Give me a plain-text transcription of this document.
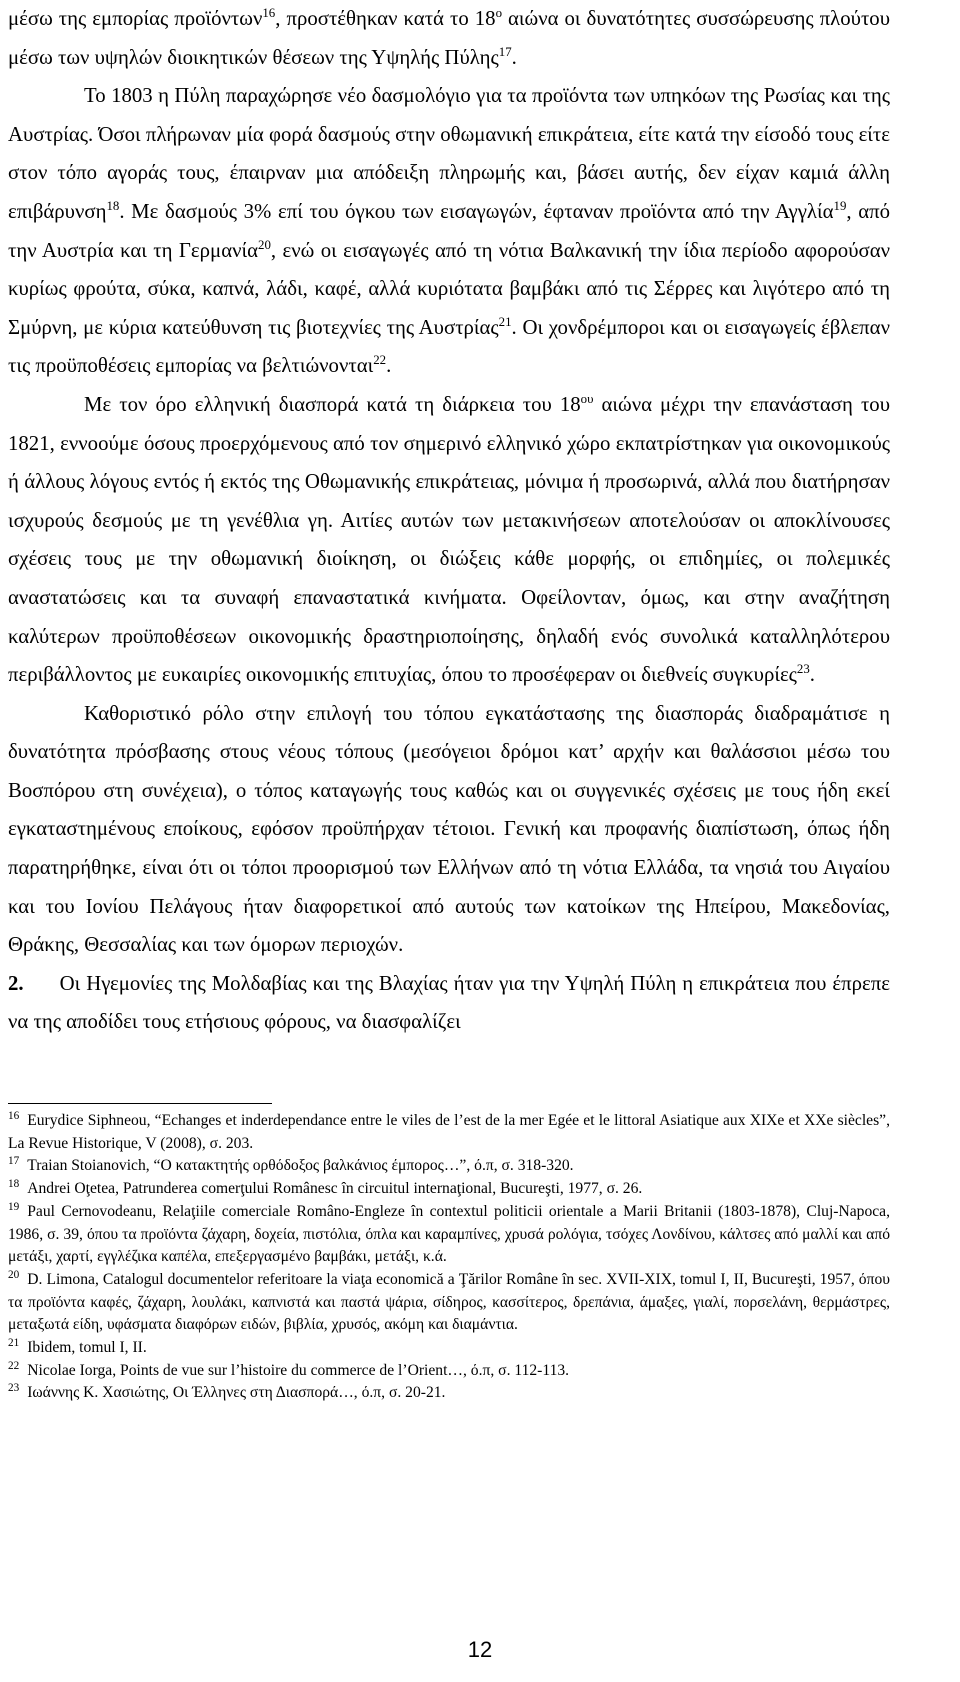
μέσω της εμπορίας προϊόντων$^{16}$, προστέθηκαν κατά το $18^o$ αιώνα οι δυνατότητες συσσώρευσης πλούτου μέσω των υψηλών διοικητικών θέσεων της Υψηλής Πύλης$^{17}$.

Το 1803 η Πύλη παραχώρησε νέο δασμολόγιο για τα προϊόντα των υπηκόων της Ρωσίας και της Αυστρίας. Όσοι πλήρωναν μία φορά δασμούς στην οθωμανική επικράτεια, είτε κατά την είσοδό τους είτε στον τόπο αγοράς τους, έπαιρναν μια απόδειξη πληρωμής και, βάσει αυτής, δεν είχαν καμιά άλλη επιβάρυνση$^{18}$. Με δασμούς 3% επί του όγκου των εισαγωγών, έφταναν προϊόντα από την Αγγλία$^{19}$, από την Αυστρία και τη Γερμανία$^{20}$, ενώ οι εισαγωγές από τη νότια Βαλκανική την ίδια περίοδο αφορούσαν κυρίως φρούτα, σύκα, καπνά, λάδι, καφέ, αλλά κυριότατα βαμβάκι από τις Σέρρες και λιγότερο από τη Σμύρνη, με κύρια κατεύθυνση τις βιοτεχνίες της Αυστρίας$^{21}$. Οι χονδρέμποροι και οι εισαγωγείς έβλεπαν τις προϋποθέσεις εμπορίας να βελτιώνονται$^{22}$.

Με τον όρο ελληνική διασπορά κατά τη διάρκεια του $18^{o\upsilon}$ αιώνα μέχρι την επανάσταση του 1821, εννοούμε όσους προερχόμενους από τον σημερινό ελληνικό χώρο εκπατρίστηκαν για οικονομικούς ή άλλους λόγους εντός ή εκτός της Οθωμανικής επικράτειας, μόνιμα ή προσωρινά, αλλά που διατήρησαν ισχυρούς δεσμούς με τη γενέθλια γη. Αιτίες αυτών των μετακινήσεων αποτελούσαν οι αποκλίνουσες σχέσεις τους με την οθωμανική διοίκηση, οι διώξεις κάθε μορφής, οι επιδημίες, οι πολεμικές αναστατώσεις και τα συναφή επαναστατικά κινήματα. Οφείλονταν, όμως, και στην αναζήτηση καλύτερων προϋποθέσεων οικονομικής δραστηριοποίησης, δηλαδή ενός συνολικά καταλληλότερου περιβάλλοντος με ευκαιρίες οικονομικής επιτυχίας, όπου το προσέφεραν οι διεθνείς συγκυρίες$^{23}$.

Καθοριστικό ρόλο στην επιλογή του τόπου εγκατάστασης της διασποράς διαδραμάτισε η δυνατότητα πρόσβασης στους νέους τόπους (μεσόγειοι δρόμοι κατ’ αρχήν και θαλάσσιοι μέσω του Βοσπόρου στη συνέχεια), ο τόπος καταγωγής τους καθώς και οι συγγενικές σχέσεις με τους ήδη εκεί εγκαταστημένους εποίκους, εφόσον προϋπήρχαν τέτοιοι. Γενική και προφανής διαπίστωση, όπως ήδη παρατηρήθηκε, είναι ότι οι τόποι προορισμού των Ελλήνων από τη νότια Ελλάδα, τα νησιά του Αιγαίου και του Ιονίου Πελάγους ήταν διαφορετικοί από αυτούς των κατοίκων της Ηπείρου, Μακεδονίας, Θράκης, Θεσσαλίας και των όμορων περιοχών.

2. Οι Ηγεμονίες της Μολδαβίας και της Βλαχίας ήταν για την Υψηλή Πύλη η επικράτεια που έπρεπε να της αποδίδει τους ετήσιους φόρους, να διασφαλίζει

$^{16}$ Eurydice Siphneou, “Echanges et inderdependance entre le viles de l’est de la mer Egée et le littoral Asiatique aux XIXe et XXe siècles”, La Revue Historique, V (2008), σ. 203.

$^{17}$ Traian Stoianovich, “Ο κατακτητής ορθόδοξος βαλκάνιος έμπορος…”, ό.π, σ. 318-320.

$^{18}$ Andrei Oţetea, Patrunderea comerţului Românesc în circuitul internaţional, Bucureşti, 1977, σ. 26.

$^{19}$ Paul Cernovodeanu, Relaţiile comerciale Româno-Engleze în contextul politicii orientale a Marii Britanii (1803-1878), Cluj-Napoca, 1986, σ. 39, όπου τα προϊόντα ζάχαρη, δοχεία, πιστόλια, όπλα και καραμπίνες, χρυσά ρολόγια, τσόχες Λονδίνου, κάλτσες από μαλλί και από μετάξι, χαρτί, εγγλέζικα καπέλα, επεξεργασμένο βαμβάκι, μετάξι, κ.ά.

$^{20}$ D. Limona, Catalogul documentelor referitoare la viaţa economică a Ţărilor Române în sec. XVII-XIX, tomul I, II, Bucureşti, 1957, όπου τα προϊόντα καφές, ζάχαρη, λουλάκι, καπνιστά και παστά ψάρια, σίδηρος, κασσίτερος, δρεπάνια, άμαξες, γιαλί, πορσελάνη, θερμάστρες, μεταξωτά είδη, υφάσματα διαφόρων ειδών, βιβλία, χρυσός, ακόμη και διαμάντια.

$^{21}$ Ibidem, tomul I, II.

$^{22}$ Nicolae Iorga, Points de vue sur l’histoire du commerce de l’Orient…, ό.π, σ. 112-113.

$^{23}$ Ιωάννης Κ. Χασιώτης, Οι Έλληνες στη Διασπορά…, ό.π, σ. 20-21.

12
